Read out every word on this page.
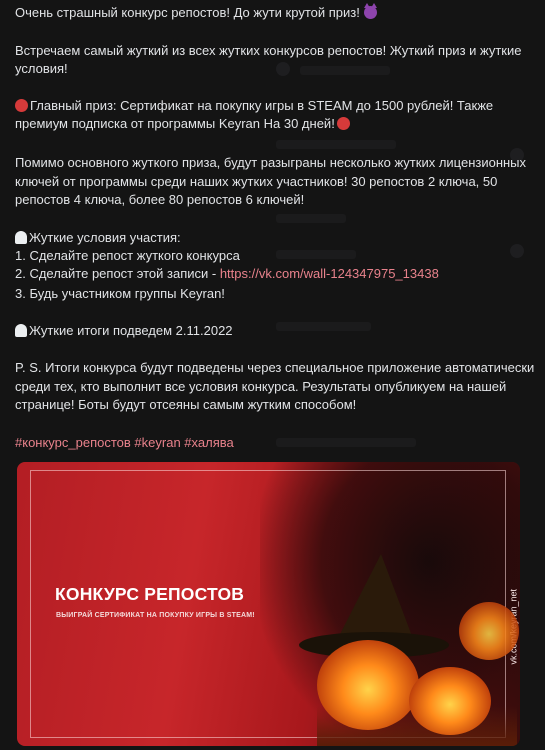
Очень страшный конкурс репостов! До жути крутой приз!
Встречаем самый жуткий из всех жутких конкурсов репостов! Жуткий приз и жуткие
условия!
Главный приз: Сертификат на покупку игры в STEAM до 1500 рублей! Также
премиум подписка от программы Keyran На 30 дней!
Помимо основного жуткого приза, будут разыграны несколько жутких лицензионных
ключей от программы среди наших жутких участников! 30 репостов 2 ключа, 50
репостов 4 ключа, более 80 репостов 6 ключей!
Жуткие условия участия:
1. Сделайте репост жуткого конкурса
2. Сделайте репост этой записи - https://vk.com/wall-124347975_13438
3. Будь участником группы Keyran!
Жуткие итоги подведем 2.11.2022
P. S. Итоги конкурса будут подведены через специальное приложение автоматически
среди тех, кто выполнит все условия конкурса. Результаты опубликуем на нашей
странице! Боты будут отсеяны самым жутким способом!
#конкурс_репостов #keyran #халява
КОНКУРС РЕПОСТОВ
ВЫИГРАЙ СЕРТИФИКАТ НА ПОКУПКУ ИГРЫ В STEAM!
